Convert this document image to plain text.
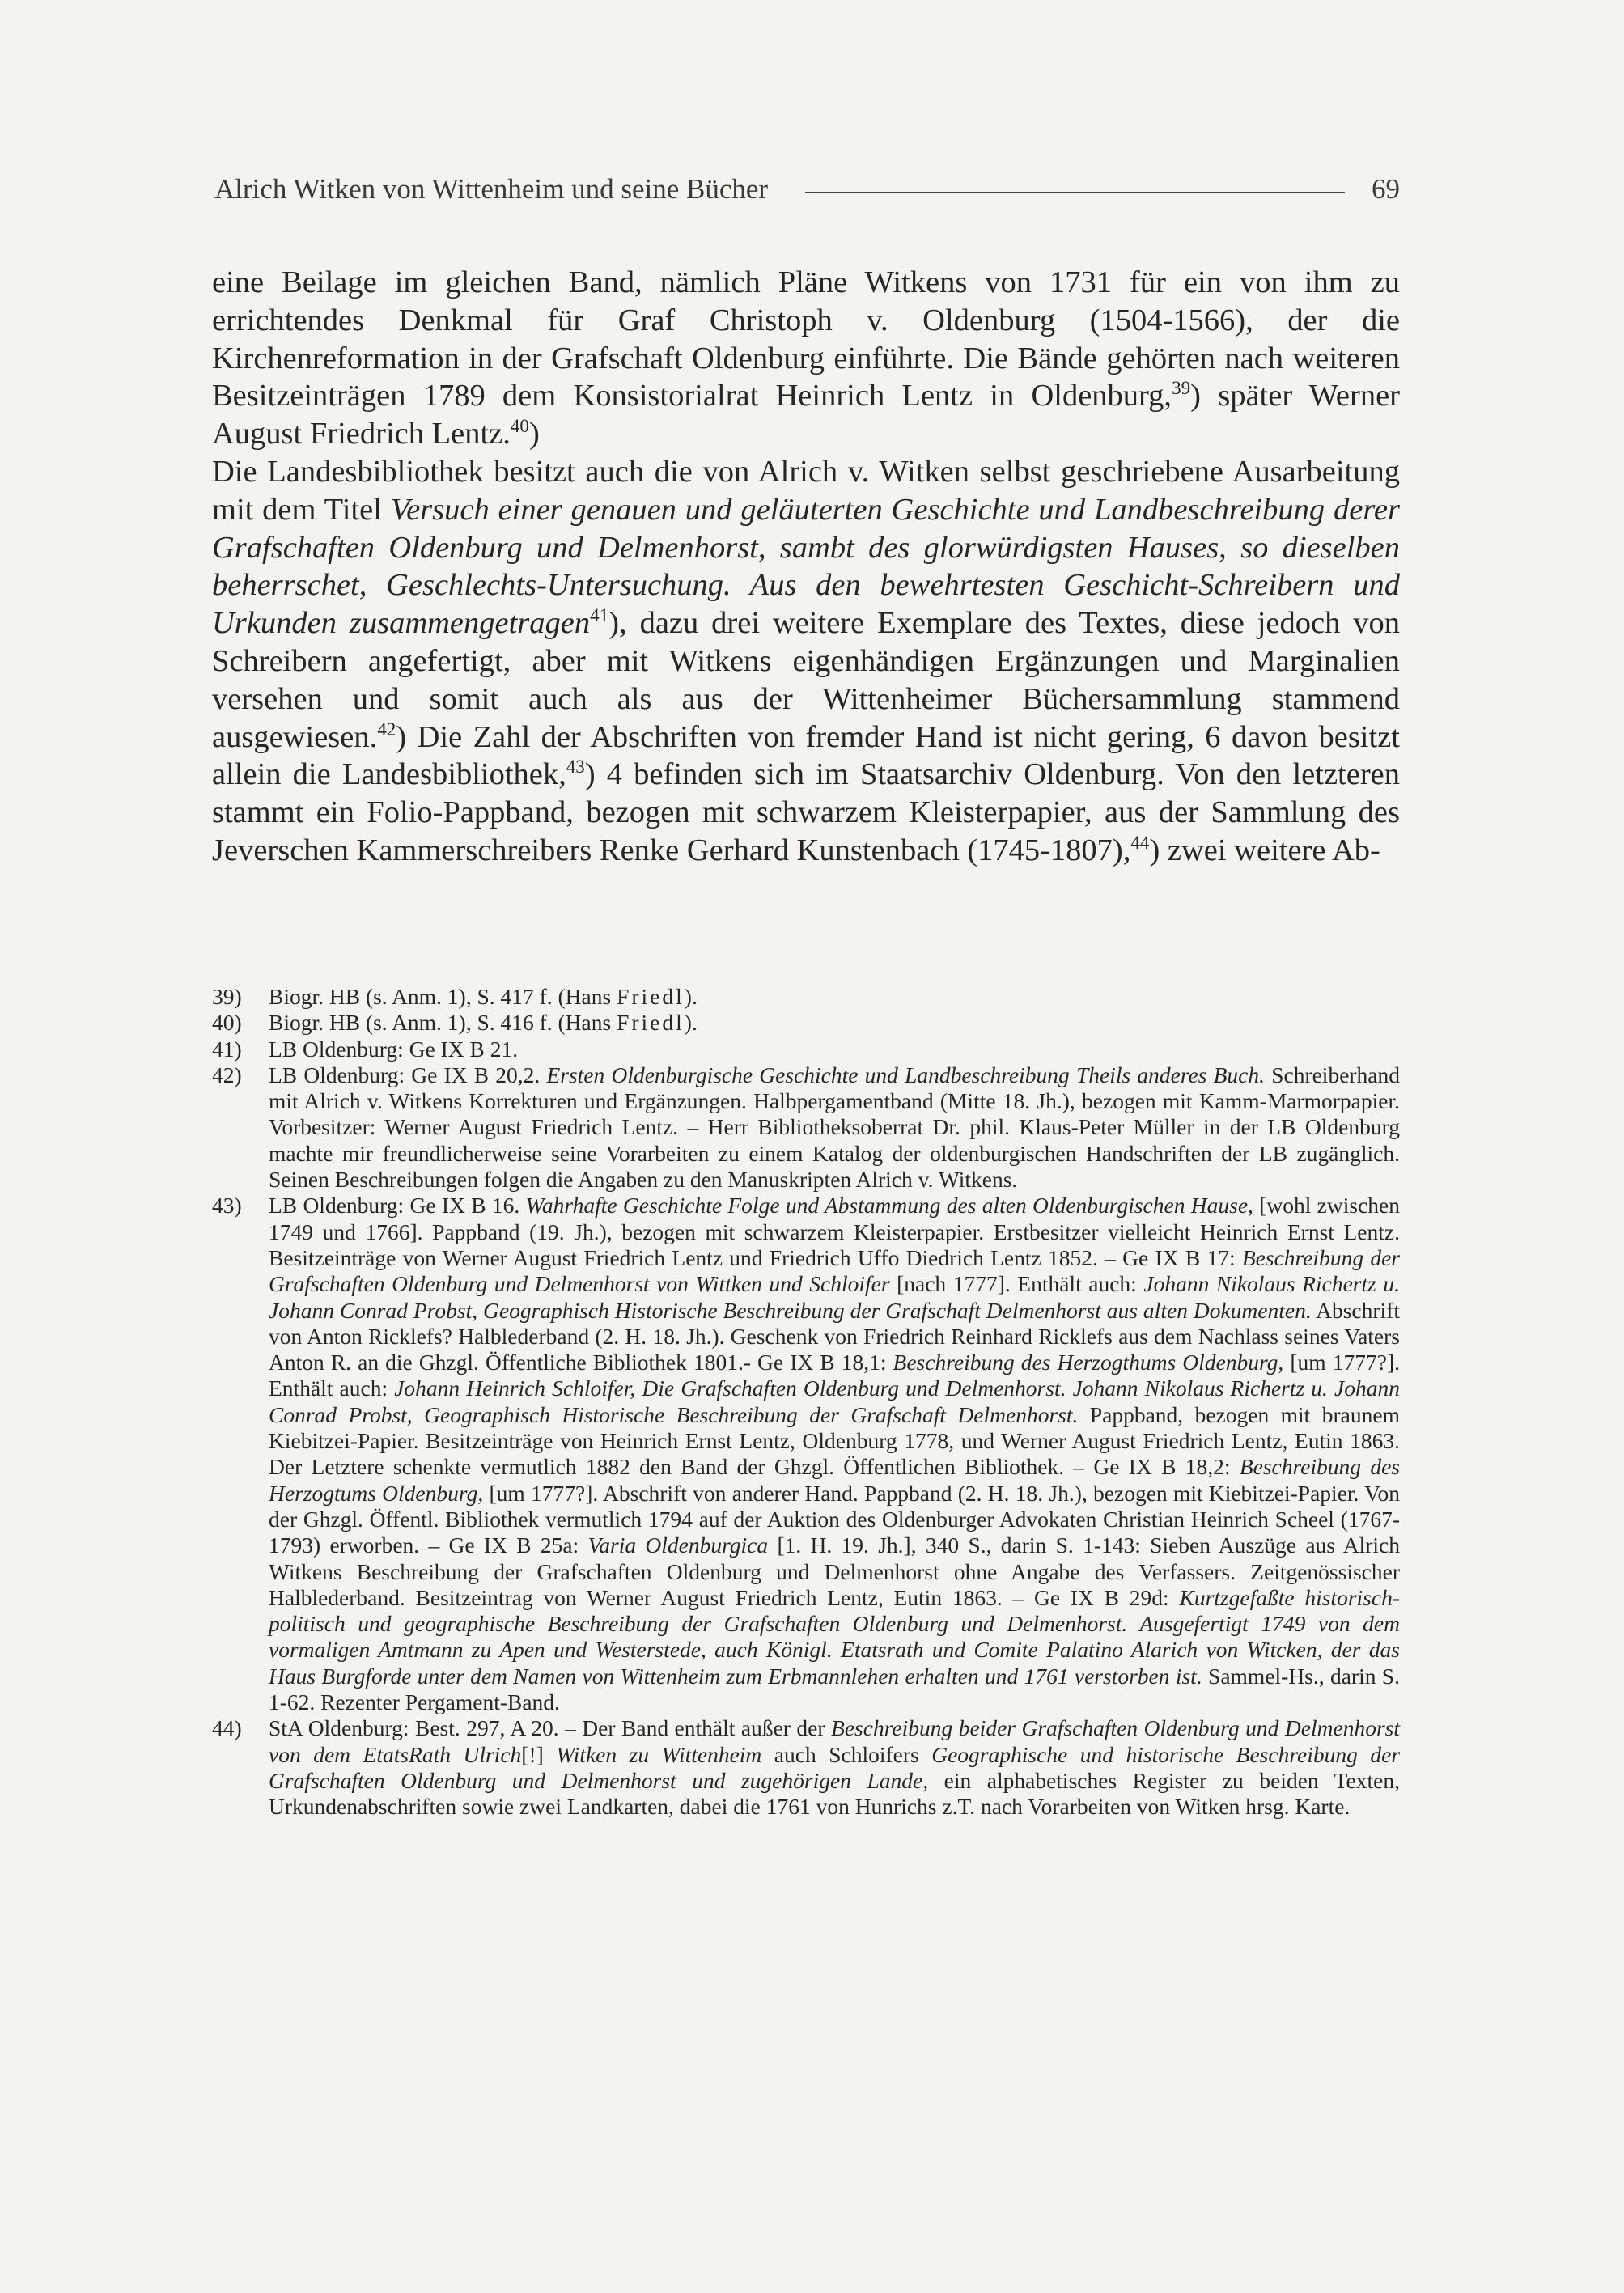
Alrich Witken von Wittenheim und seine Bücher	69

eine Beilage im gleichen Band, nämlich Pläne Witkens von 1731 für ein von ihm zu errichtendes Denkmal für Graf Christoph v. Oldenburg (1504-1566), der die Kirchenreformation in der Grafschaft Oldenburg einführte. Die Bände gehörten nach weiteren Besitzeinträgen 1789 dem Konsistorialrat Heinrich Lentz in Oldenburg,$^{39}$) später Werner August Friedrich Lentz.$^{40}$)

Die Landesbibliothek besitzt auch die von Alrich v. Witken selbst geschriebene Ausarbeitung mit dem Titel Versuch einer genauen und geläuterten Geschichte und Landbeschreibung derer Grafschaften Oldenburg und Delmenhorst, sambt des glorwürdigsten Hauses, so dieselben beherrschet, Geschlechts-Untersuchung. Aus den bewehrtesten Geschicht-Schreibern und Urkunden zusammengetragen$^{41}$), dazu drei weitere Exemplare des Textes, diese jedoch von Schreibern angefertigt, aber mit Witkens eigenhändigen Ergänzungen und Marginalien versehen und somit auch als aus der Wittenheimer Büchersammlung stammend ausgewiesen.$^{42}$) Die Zahl der Abschriften von fremder Hand ist nicht gering, 6 davon besitzt allein die Landesbibliothek,$^{43}$) 4 befinden sich im Staatsarchiv Oldenburg. Von den letzteren stammt ein Folio-Pappband, bezogen mit schwarzem Kleisterpapier, aus der Sammlung des Jeverschen Kammerschreibers Renke Gerhard Kunstenbach (1745-1807),$^{44}$) zwei weitere Ab-

39)	Biogr. HB (s. Anm. 1), S. 417 f. (Hans Friedl).
40)	Biogr. HB (s. Anm. 1), S. 416 f. (Hans Friedl).
41)	LB Oldenburg: Ge IX B 21.
42)	LB Oldenburg: Ge IX B 20,2. Ersten Oldenburgische Geschichte und Landbeschreibung Theils anderes Buch. Schreiberhand mit Alrich v. Witkens Korrekturen und Ergänzungen. Halbpergamentband (Mitte 18. Jh.), bezogen mit Kamm-Marmorpapier. Vorbesitzer: Werner August Friedrich Lentz. – Herr Bibliotheksoberrat Dr. phil. Klaus-Peter Müller in der LB Oldenburg machte mir freundlicherweise seine Vorarbeiten zu einem Katalog der oldenburgischen Handschriften der LB zugänglich. Seinen Beschreibungen folgen die Angaben zu den Manuskripten Alrich v. Witkens.
43)	LB Oldenburg: Ge IX B 16. Wahrhafte Geschichte Folge und Abstammung des alten Oldenburgischen Hause, [wohl zwischen 1749 und 1766]. Pappband (19. Jh.), bezogen mit schwarzem Kleisterpapier. Erstbesitzer vielleicht Heinrich Ernst Lentz. Besitzeinträge von Werner August Friedrich Lentz und Friedrich Uffo Diedrich Lentz 1852. – Ge IX B 17: Beschreibung der Grafschaften Oldenburg und Delmenhorst von Wittken und Schloifer [nach 1777]. Enthält auch: Johann Nikolaus Richertz u. Johann Conrad Probst, Geographisch Historische Beschreibung der Grafschaft Delmenhorst aus alten Dokumenten. Abschrift von Anton Ricklefs? Halblederband (2. H. 18. Jh.). Geschenk von Friedrich Reinhard Ricklefs aus dem Nachlass seines Vaters Anton R. an die Ghzgl. Öffentliche Bibliothek 1801.- Ge IX B 18,1: Beschreibung des Herzogthums Oldenburg, [um 1777?]. Enthält auch: Johann Heinrich Schloifer, Die Grafschaften Oldenburg und Delmenhorst. Johann Nikolaus Richertz u. Johann Conrad Probst, Geographisch Historische Beschreibung der Grafschaft Delmenhorst. Pappband, bezogen mit braunem Kiebitzei-Papier. Besitzeinträge von Heinrich Ernst Lentz, Oldenburg 1778, und Werner August Friedrich Lentz, Eutin 1863. Der Letztere schenkte vermutlich 1882 den Band der Ghzgl. Öffentlichen Bibliothek. – Ge IX B 18,2: Beschreibung des Herzogtums Oldenburg, [um 1777?]. Abschrift von anderer Hand. Pappband (2. H. 18. Jh.), bezogen mit Kiebitzei-Papier. Von der Ghzgl. Öffentl. Bibliothek vermutlich 1794 auf der Auktion des Oldenburger Advokaten Christian Heinrich Scheel (1767-1793) erworben. – Ge IX B 25a: Varia Oldenburgica [1. H. 19. Jh.], 340 S., darin S. 1-143: Sieben Auszüge aus Alrich Witkens Beschreibung der Grafschaften Oldenburg und Delmenhorst ohne Angabe des Verfassers. Zeitgenössischer Halblederband. Besitzeintrag von Werner August Friedrich Lentz, Eutin 1863. – Ge IX B 29d: Kurtzgefaßte historisch-politisch und geographische Beschreibung der Grafschaften Oldenburg und Delmenhorst. Ausgefertigt 1749 von dem vormaligen Amtmann zu Apen und Westerstede, auch Königl. Etatsrath und Comite Palatino Alarich von Witcken, der das Haus Burgforde unter dem Namen von Wittenheim zum Erbmannlehen erhalten und 1761 verstorben ist. Sammel-Hs., darin S. 1-62. Rezenter Pergament-Band.
44)	StA Oldenburg: Best. 297, A 20. – Der Band enthält außer der Beschreibung beider Grafschaften Oldenburg und Delmenhorst von dem EtatsRath Ulrich[!] Witken zu Wittenheim auch Schloifers Geographische und historische Beschreibung der Grafschaften Oldenburg und Delmenhorst und zugehörigen Lande, ein alphabetisches Register zu beiden Texten, Urkundenabschriften sowie zwei Landkarten, dabei die 1761 von Hunrichs z.T. nach Vorarbeiten von Witken hrsg. Karte.
